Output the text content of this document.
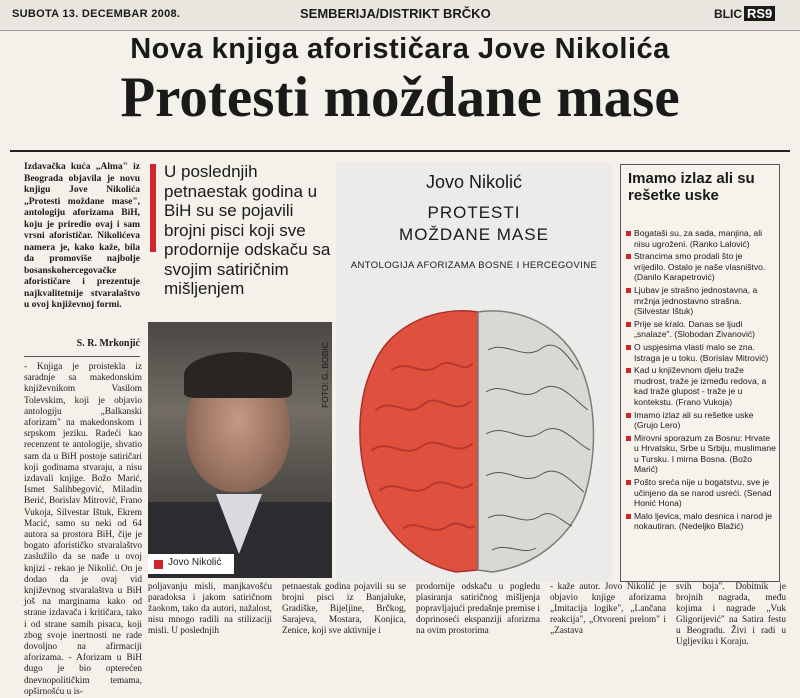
SUBOTA 13. DECEMBAR 2008.	SEMBERIJA/DISTRIKT BRČKO	BLIC RS9
Nova knjiga aforističara Jove Nikolića
Protesti moždane mase
Izdavačka kuća „Alma" iz Beograda objavila je novu knjigu Jove Nikolića „Protesti moždane mase", antologiju aforizama BiH, koju je priredio ovaj i sam vrsni aforističar. Nikolićeva namera je, kako kaže, bila da promoviše najbolje bosanskohercegovačke aforističare i prezentuje najkvalitetnije stvaralaštvo u ovoj književnoj formi.
S. R. Mrkonjić
- Knjiga je proistekla iz saradnje sa makedonskim književnikom Vasilom Tolevskim, koji je objavio antologiju „Balkanski aforizam" na makedonskom i srpskom jeziku. Radeći kao recenzent te antologije, shvatio sam da u BiH postoje satiričari koji godinama stvaraju, a nisu izdavali knjige. Božo Marić, Ismet Salihbegović, Miladin Berić, Borislav Mitrović, Frano Vukoja, Silvestar Ištuk, Ekrem Macić, samo su neki od 64 autora sa prostora BiH, čije je bogato aforističko stvaralaštvo zaslužilo da se nađe u ovoj knjizi - rekao je Nikolić. On je dodao da je ovaj vid književnog stvaralaštva u BiH još na marginama kako od strane izdavača i kritičara, tako i od strane samih pisaca, koji zbog svoje inertnosti ne rade dovoljno na afirmaciji aforizama. - Aforizam u BiH dugo je bio opterećen dnevnopolitičkim temama, opširnošću u is-
U poslednjih petnaestak godina u BiH su se pojavili brojni pisci koji sve prodornije odskaču sa svojim satiričnim mišljenjem
Jovo Nikolić
FOTO: G. BOBIC
Jovo Nikolić
PROTESTI
MOŽDANE MASE
ANTOLOGIJA AFORIZAMA BOSNE I HERCEGOVINE
Imamo izlaz ali su rešetke uske
Bogataši su, za sada, manjina, ali nisu ugroženi. (Ranko Lalović)
Strancima smo prodali što je vrijedilo. Ostalo je naše vlasništvo. (Danilo Karapetrović)
Ljubav je strašno jednostavna, a mržnja jednostavno strašna. (Silvestar Ištuk)
Prije se kralo. Danas se ljudi „snalaze". (Slobodan Zivanović)
O uspjesima vlasti malo se zna. Istraga je u toku. (Borislav Mitrović)
Kad u književnom djelu traže mudrost, traže je između redova, a kad traže glupost - traže je u kontekstu. (Frano Vukoja)
Imamo izlaz ali su rešetke uske (Grujo Lero)
Mirovni sporazum za Bosnu: Hrvate u Hrvatsku, Srbe u Srbiju, muslimane u Tursku. I mirna Bosna. (Božo Marić)
Pošto sreća nije u bogatstvu, sve je učinjeno da se narod usreći. (Senad Honić Hona)
Malo ljevica, malo desnica i narod je nokautiran. (Nedeljko Blažić)
poljavanju misli, manjkavošću paradoksa i jakom satiričnom žaokom, tako da autori, nažalost, nisu mnogo radili na stilizaciji misli. U poslednjih
petnaestak godina pojavili su se brojni pisci iz Banjaluke, Gradiške, Bijeljine, Brčkog, Sarajeva, Mostara, Konjica, Zenice, koji sve aktivnije i
prodornije odskaču u pogledu plasiranja satiričnog mišljenja popravljajući predašnje premise i doprinoseći ekspanziji aforizma na ovim prostorima
- kaže autor. Jovo Nikolić je objavio knjige aforizama „Imitacija logike", „Lančana reakcija", „Otvoreni prelom" i „Zastava
svih boja". Dobitnik je brojnih nagrada, među kojima i nagrade „Vuk Gligorijević" na Satira festu u Beogradu. Živi i radi u Ugljeviku i Koraju.
